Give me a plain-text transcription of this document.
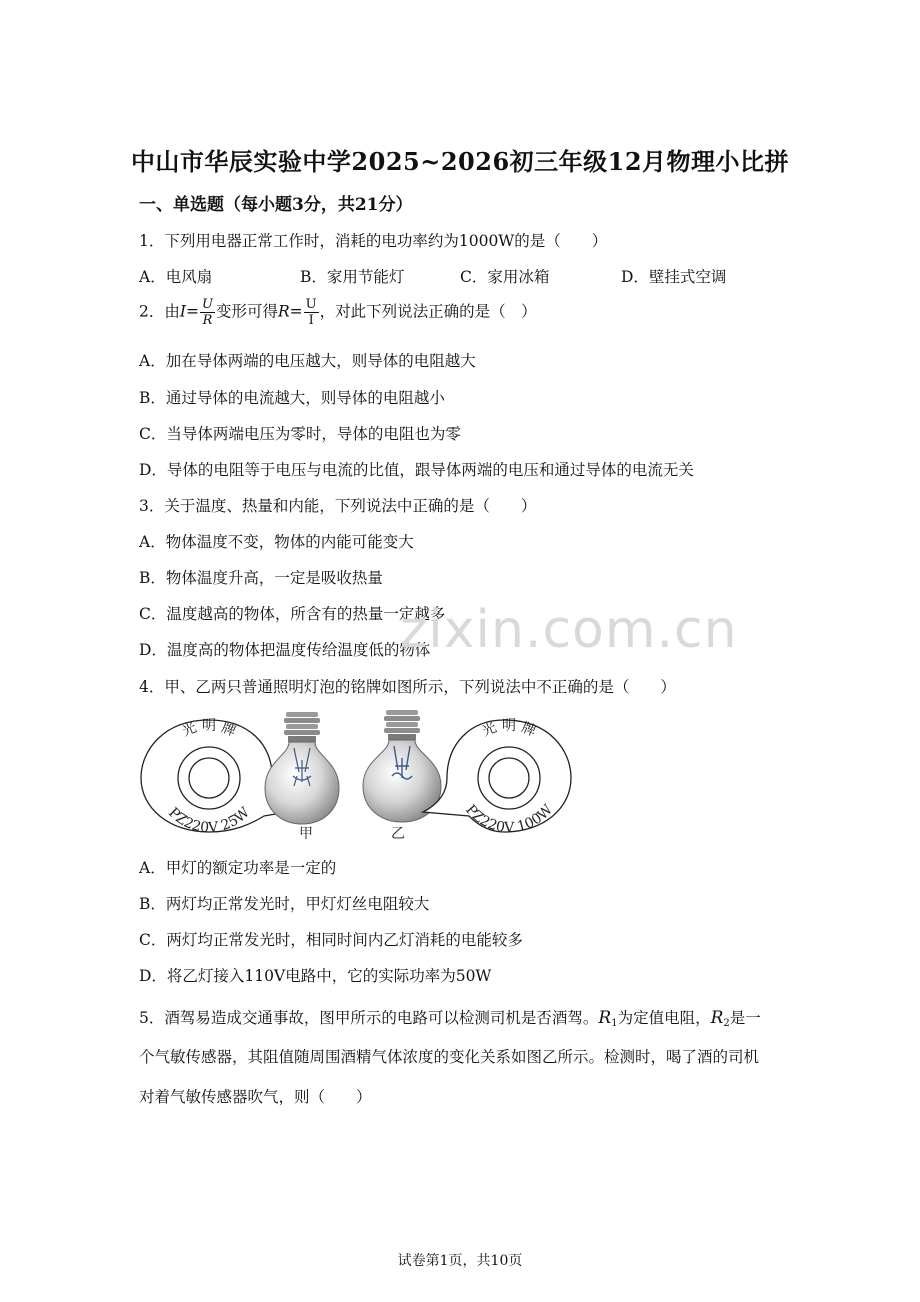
中山市华辰实验中学2025~2026初三年级12月物理小比拼
一、单选题（每小题3分，共21分）
1．下列用电器正常工作时，消耗的电功率约为1000W的是（　　）
A．电风扇	B．家用节能灯	C．家用冰箱	D．壁挂式空调
2．由$I= \frac{U}{R}$ 变形可得$R= \frac{U}{I}$ ，对此下列说法正确的是（　）
A．加在导体两端的电压越大，则导体的电阻越大
B．通过导体的电流越大，则导体的电阻越小
C．当导体两端电压为零时，导体的电阻也为零
D．导体的电阻等于电压与电流的比值，跟导体两端的电压和通过导体的电流无关
3．关于温度、热量和内能，下列说法中正确的是（　　）
A．物体温度不变，物体的内能可能变大
B．物体温度升高，一定是吸收热量
C．温度越高的物体，所含有的热量一定越多
D．温度高的物体把温度传给温度低的物体
zixin.com.cn
4．甲、乙两只普通照明灯泡的铭牌如图所示，下列说法中不正确的是（　　）
光 明 牌
PZ220V 25W
甲	乙
光 明 牌
PZ220V 100W
A．甲灯的额定功率是一定的
B．两灯均正常发光时，甲灯灯丝电阻较大
C．两灯均正常发光时，相同时间内乙灯消耗的电能较多
D．将乙灯接入110V电路中，它的实际功率为50W
5．酒驾易造成交通事故，图甲所示的电路可以检测司机是否酒驾。$R_1$为定值电阻，$R_2$是一
个气敏传感器，其阻值随周围酒精气体浓度的变化关系如图乙所示。检测时，喝了酒的司机
对着气敏传感器吹气，则（　　）
试卷第1页，共10页
